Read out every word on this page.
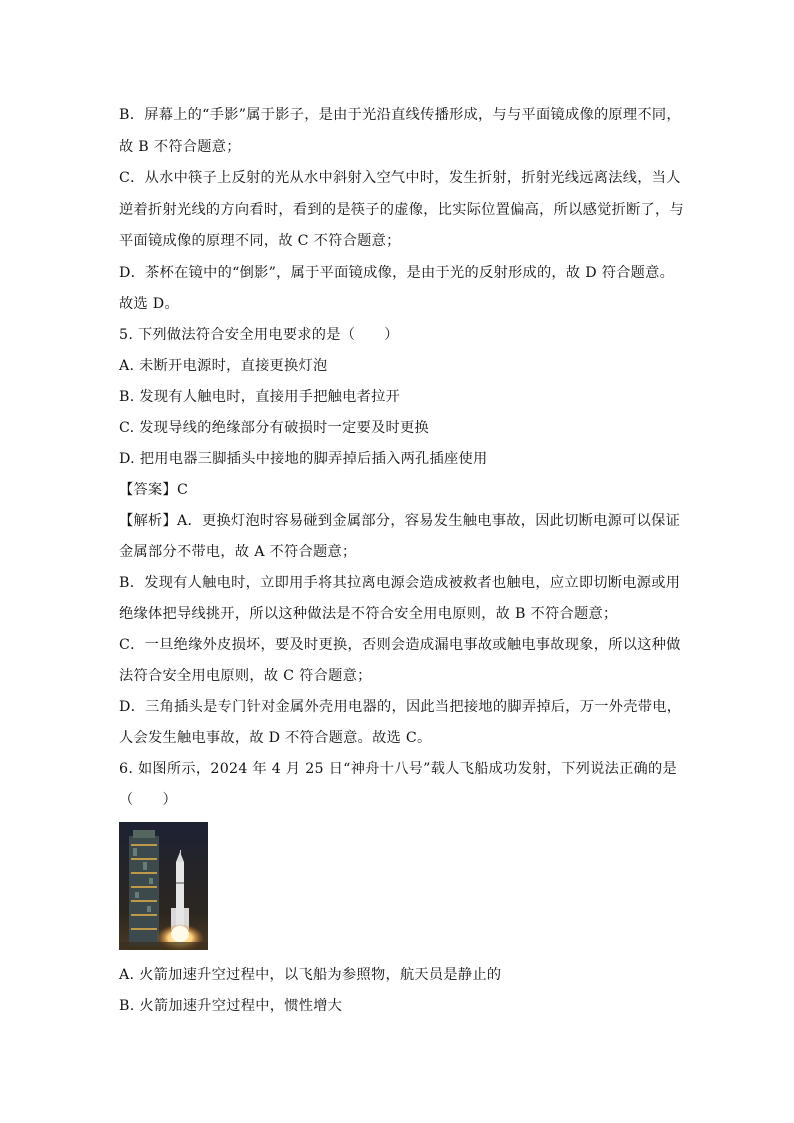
B．屏幕上的“手影”属于影子，是由于光沿直线传播形成，与与平面镜成像的原理不同，
故 B 不符合题意；
C．从水中筷子上反射的光从水中斜射入空气中时，发生折射，折射光线远离法线，当人
逆着折射光线的方向看时，看到的是筷子的虚像，比实际位置偏高，所以感觉折断了，与
平面镜成像的原理不同，故 C 不符合题意；
D．茶杯在镜中的“倒影”，属于平面镜成像，是由于光的反射形成的，故 D 符合题意。
故选 D。
5. 下列做法符合安全用电要求的是（　　）
A. 未断开电源时，直接更换灯泡
B. 发现有人触电时，直接用手把触电者拉开
C. 发现导线的绝缘部分有破损时一定要及时更换
D. 把用电器三脚插头中接地的脚弄掉后插入两孔插座使用
【答案】C
【解析】A．更换灯泡时容易碰到金属部分，容易发生触电事故，因此切断电源可以保证
金属部分不带电，故 A 不符合题意；
B．发现有人触电时，立即用手将其拉离电源会造成被救者也触电，应立即切断电源或用
绝缘体把导线挑开，所以这种做法是不符合安全用电原则，故 B 不符合题意；
C．一旦绝缘外皮损坏，要及时更换，否则会造成漏电事故或触电事故现象，所以这种做
法符合安全用电原则，故 C 符合题意；
D．三角插头是专门针对金属外壳用电器的，因此当把接地的脚弄掉后，万一外壳带电，
人会发生触电事故，故 D 不符合题意。故选 C。
6. 如图所示，2024 年 4 月 25 日“神舟十八号”载人飞船成功发射，下列说法正确的是
（　　）
A. 火箭加速升空过程中，以飞船为参照物，航天员是静止的
B. 火箭加速升空过程中，惯性增大
